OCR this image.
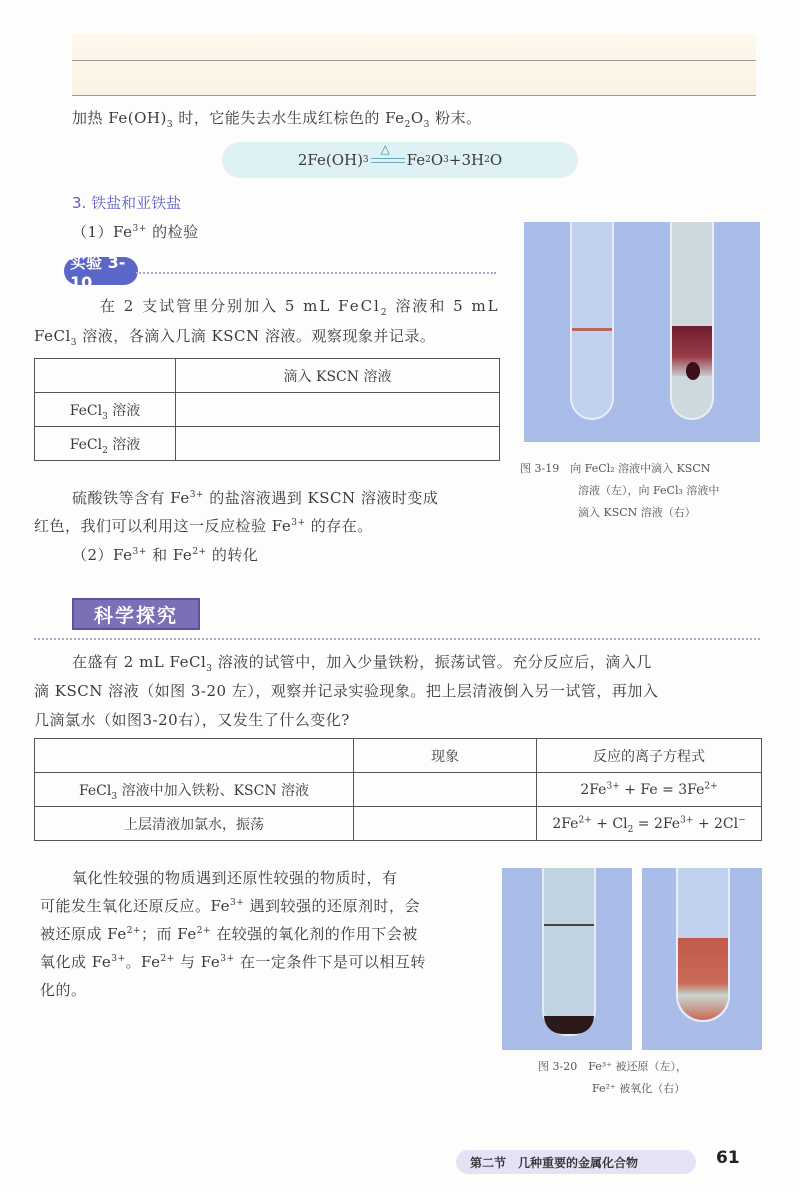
加热 $Fe(OH)_3$ 时，它能失去水生成红棕色的 $Fe_2O_3$ 粉末。
2Fe(OH) 3
△
Fe 2 O 3 +3H 2 O
3. 铁盐和亚铁盐
$(1)Fe^{3+}$ 的检验
实验 3-10
在 2 支试管里分别加入 5 mL FeCl$_2$ 溶液和 5 mL
FeCl$_3$ 溶液，各滴入几滴 KSCN 溶液。观察现象并记录。
	滴入 KSCN 溶液
FeCl$_3$ 溶液	
FeCl$_2$ 溶液	
图 3-19　向 FeCl₂ 溶液中滴入 KSCN
溶液（左），向 FeCl₃ 溶液中
滴入 KSCN 溶液（右）
硫酸铁等含有 $Fe^{3+}$ 的盐溶液遇到 KSCN 溶液时变成
红色，我们可以利用这一反应检验 $Fe^{3+}$ 的存在。
$(2)Fe^{3+}$ 和 $Fe^{2+}$ 的转化
科学探究
在盛有 2 mL FeCl$_3$ 溶液的试管中，加入少量铁粉，振荡试管。充分反应后，滴入几
滴 KSCN 溶液（如图 3-20 左），观察并记录实验现象。把上层清液倒入另一试管，再加入
几滴氯水（如图3-20右），又发生了什么变化?
	现象	反应的离子方程式
FeCl$_3$ 溶液中加入铁粉、KSCN 溶液		$2Fe^{3+} + Fe = 3Fe^{2+}$
上层清液加氯水，振荡		$2Fe^{2+} + Cl_2 = 2Fe^{3+} + 2Cl^-$
氧化性较强的物质遇到还原性较强的物质时，有
可能发生氧化还原反应。$Fe^{3+}$ 遇到较强的还原剂时，会
被还原成 $Fe^{2+}$；而 $Fe^{2+}$ 在较强的氧化剂的作用下会被
氧化成 $Fe^{3+}$。$Fe^{2+}$ 与 $Fe^{3+}$ 在一定条件下是可以相互转
化的。
图 3-20　Fe³⁺ 被还原（左），
Fe²⁺ 被氧化（右）
第二节　几种重要的金属化合物	61
